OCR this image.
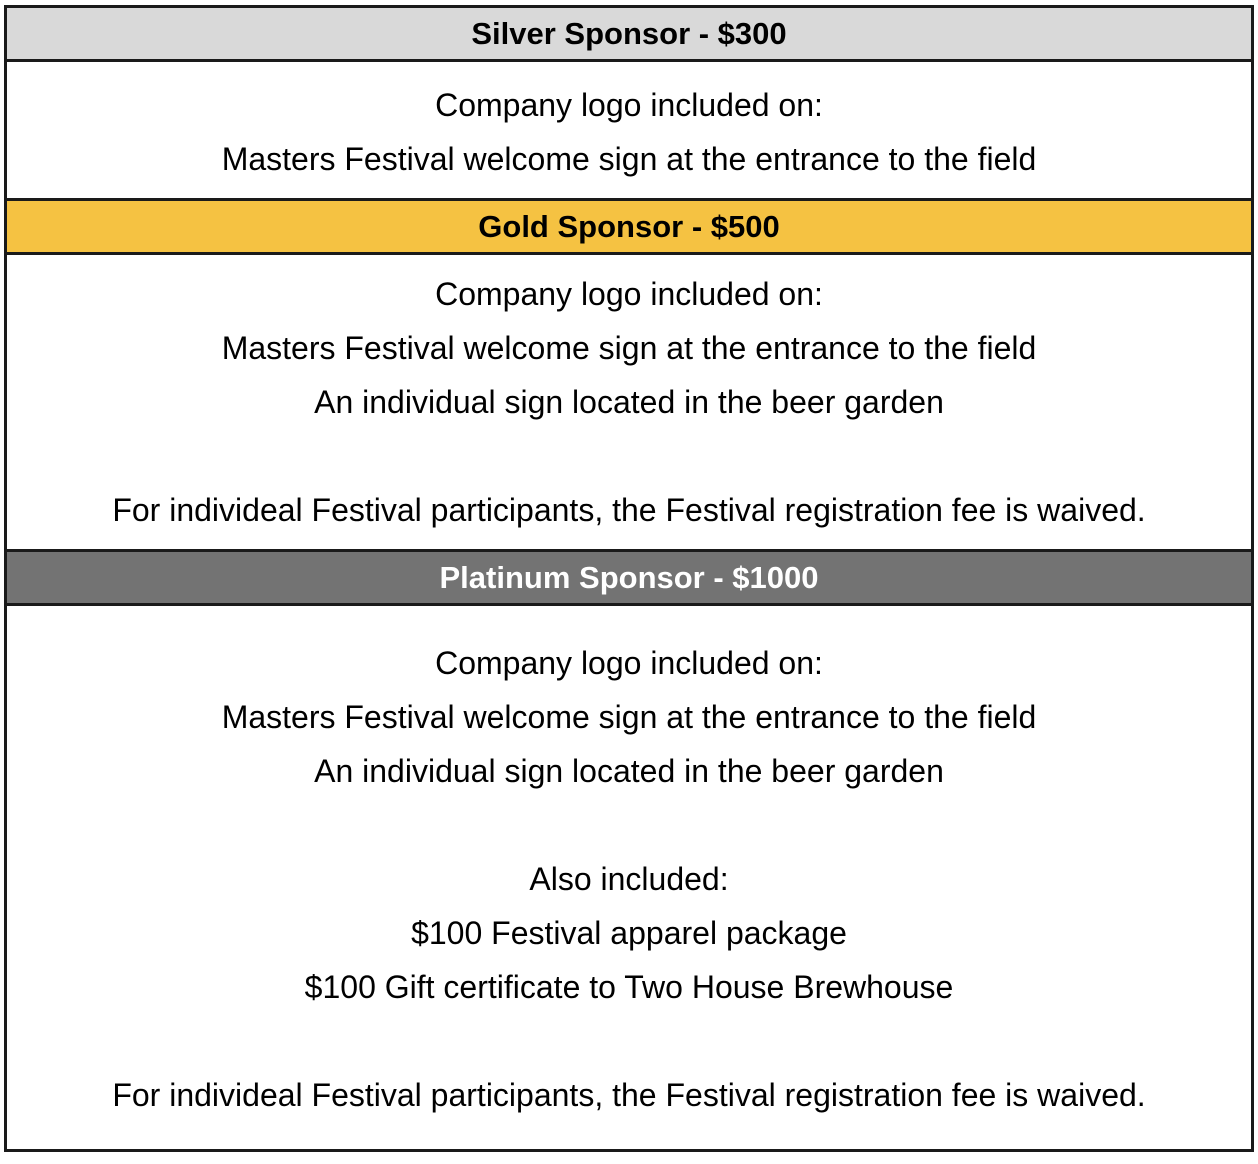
Silver Sponsor - $300
Company logo included on:
Masters Festival welcome sign at the entrance to the field
Gold Sponsor - $500
Company logo included on:
Masters Festival welcome sign at the entrance to the field
An individual sign located in the beer garden
For individeal Festival participants, the Festival registration fee is waived.
Platinum Sponsor - $1000
Company logo included on:
Masters Festival welcome sign at the entrance to the field
An individual sign located in the beer garden
Also included:
$100 Festival apparel package
$100 Gift certificate to Two House Brewhouse
For individeal Festival participants, the Festival registration fee is waived.
